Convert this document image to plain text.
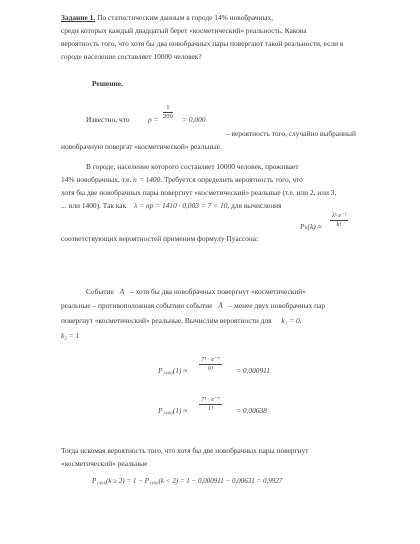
Задание 1. По статистическим данным в городе 14% новобрачных,
среди которых каждый двадцатый берет «косметический» реальность. Какова
вероятность того, что хотя бы два новобрачных пары повергают такой реальности, если в
городе население составляет 10000 человек?
Решение.
Известно, что $p = \frac{1}{200} = 0,000$
– вероятность того, случайно выбранный
новобрачную повергат «косметической» реальные.
В городе, население которого составляет 10000 человек, проживает
14% новобрачных, т.е. n = 1400. Требуется определить вероятность того, что
хотя бы две новобрачных пары повергнут «косметический» реальные (т.е. или 2, или 3,
... или 1400). Так как λ = np = 1410 · 0,003 = 7 < 10, для вычисления
$P_n(k) \approx \frac{\text{λᵏ e⁻ᶠ}}{k!}$
соответствующих вероятностей применим формулу Пуассона:
Событие A – хотя бы два новобрачных повергнут «косметический»
реальные – противоположная событию событие Ā – менее двух новобрачных пар
повергнут «косметический» реальные. Вычислим вероятности для k₁ = 0,
k₂ = 1
$P_{1400}(1) \approx \frac{\text{7¹ · e⁻⁷}}{0!} = 0,000911$
$P_{1400}(1) \approx \frac{\text{7¹ · e⁻⁷}}{1!} = 0,00638$
Тогда искомая вероятность того, что хотя бы две новобрачных пары повергнут
«косметический» реальные
P₁₄₀₀(k ≥ 2) = 1 − P₁₄₀₀(k < 2) = 1 − 0,000911 − 0,00631 = 0,9927
